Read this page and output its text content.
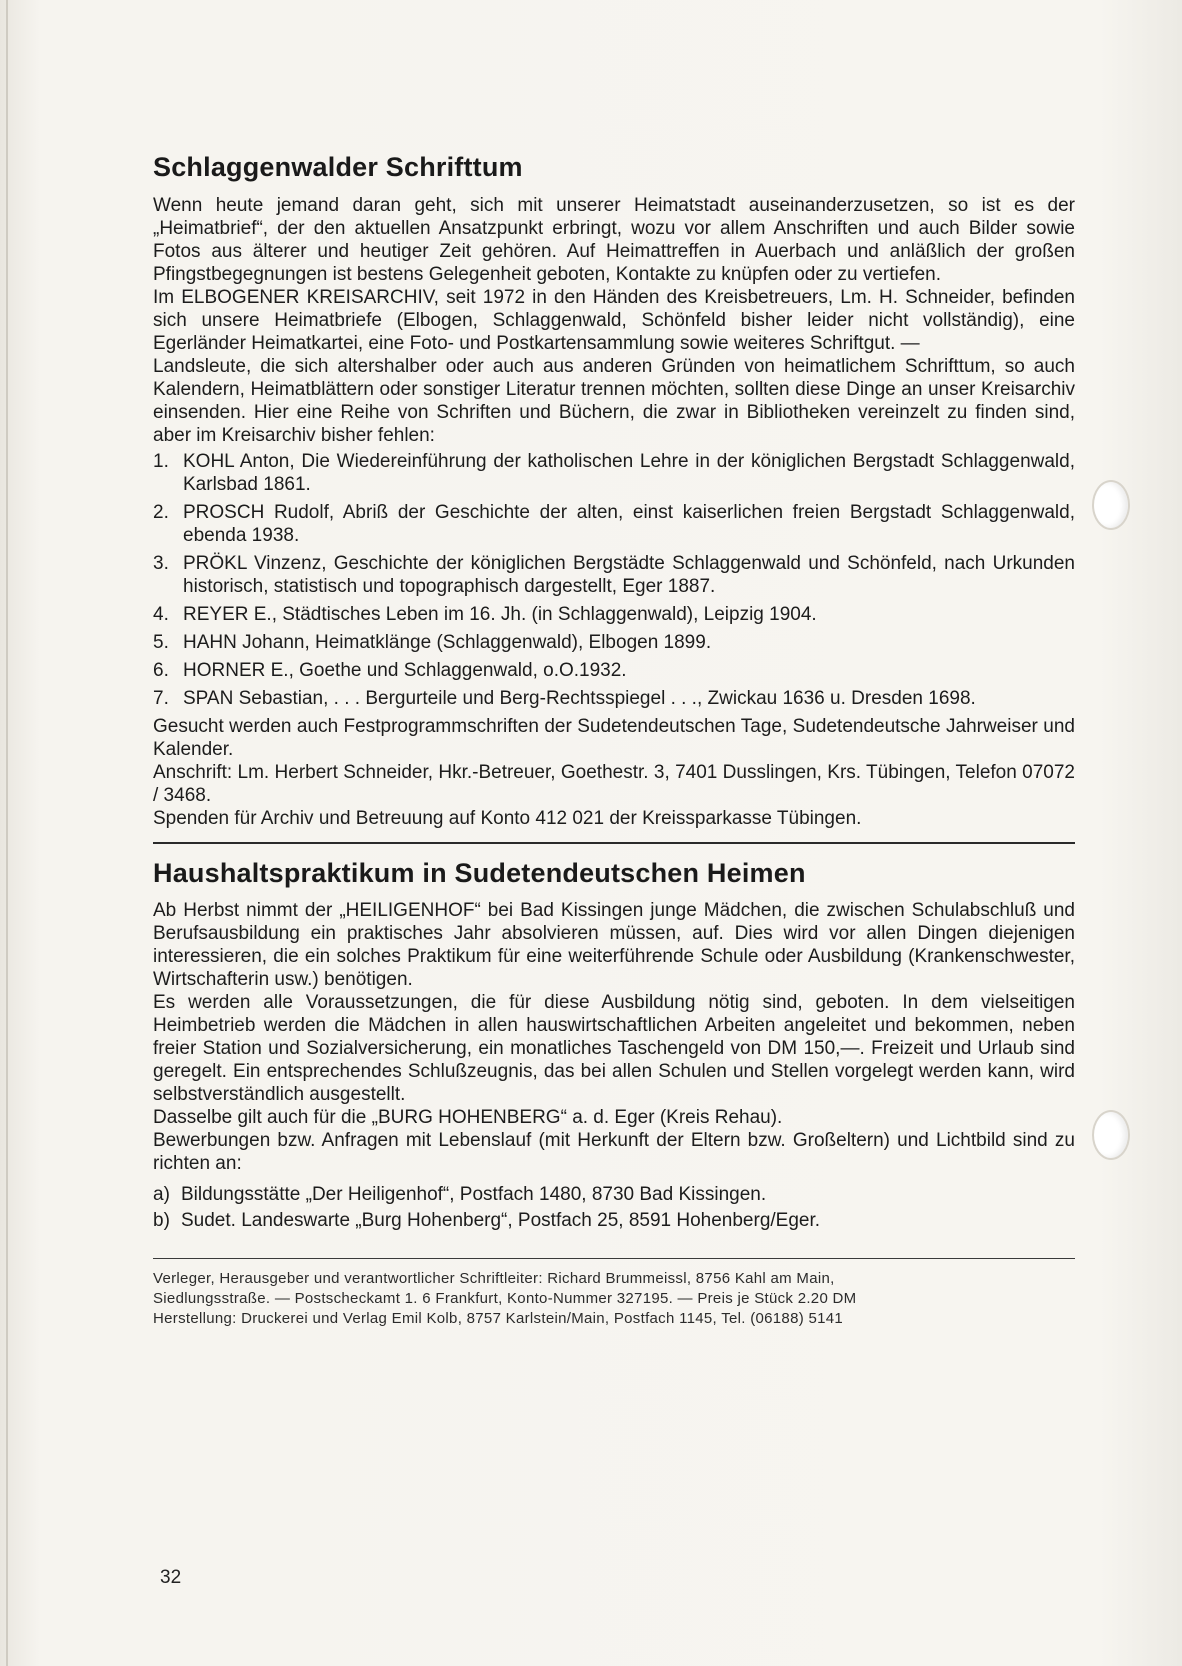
Schlaggenwalder Schrifttum

Wenn heute jemand daran geht, sich mit unserer Heimatstadt auseinanderzusetzen, so ist es der „Heimatbrief“, der den aktuellen Ansatzpunkt erbringt, wozu vor allem Anschriften und auch Bilder sowie Fotos aus älterer und heutiger Zeit gehören. Auf Heimattreffen in Auerbach und anläßlich der großen Pfingstbegegnungen ist bestens Gelegenheit geboten, Kontakte zu knüpfen oder zu vertiefen.

Im ELBOGENER KREISARCHIV, seit 1972 in den Händen des Kreisbetreuers, Lm. H. Schneider, befinden sich unsere Heimatbriefe (Elbogen, Schlaggenwald, Schönfeld bisher leider nicht vollständig), eine Egerländer Heimatkartei, eine Foto- und Postkartensammlung sowie weiteres Schriftgut. —

Landsleute, die sich altershalber oder auch aus anderen Gründen von heimatlichem Schrifttum, so auch Kalendern, Heimatblättern oder sonstiger Literatur trennen möchten, sollten diese Dinge an unser Kreisarchiv einsenden. Hier eine Reihe von Schriften und Büchern, die zwar in Bibliotheken vereinzelt zu finden sind, aber im Kreisarchiv bisher fehlen:

1. KOHL Anton, Die Wiedereinführung der katholischen Lehre in der königlichen Bergstadt Schlaggenwald, Karlsbad 1861.
2. PROSCH Rudolf, Abriß der Geschichte der alten, einst kaiserlichen freien Bergstadt Schlaggenwald, ebenda 1938.
3. PRÖKL Vinzenz, Geschichte der königlichen Bergstädte Schlaggenwald und Schönfeld, nach Urkunden historisch, statistisch und topographisch dargestellt, Eger 1887.
4. REYER E., Städtisches Leben im 16. Jh. (in Schlaggenwald), Leipzig 1904.
5. HAHN Johann, Heimatklänge (Schlaggenwald), Elbogen 1899.
6. HORNER E., Goethe und Schlaggenwald, o.O.1932.
7. SPAN Sebastian, . . . Bergurteile und Berg-Rechtsspiegel . . ., Zwickau 1636 u. Dresden 1698.

Gesucht werden auch Festprogrammschriften der Sudetendeutschen Tage, Sudetendeutsche Jahrweiser und Kalender.

Anschrift: Lm. Herbert Schneider, Hkr.-Betreuer, Goethestr. 3, 7401 Dusslingen, Krs. Tübingen, Telefon 07072 / 3468.

Spenden für Archiv und Betreuung auf Konto 412 021 der Kreissparkasse Tübingen.

Haushaltspraktikum in Sudetendeutschen Heimen

Ab Herbst nimmt der „HEILIGENHOF“ bei Bad Kissingen junge Mädchen, die zwischen Schulabschluß und Berufsausbildung ein praktisches Jahr absolvieren müssen, auf. Dies wird vor allen Dingen diejenigen interessieren, die ein solches Praktikum für eine weiterführende Schule oder Ausbildung (Krankenschwester, Wirtschafterin usw.) benötigen.

Es werden alle Voraussetzungen, die für diese Ausbildung nötig sind, geboten. In dem vielseitigen Heimbetrieb werden die Mädchen in allen hauswirtschaftlichen Arbeiten angeleitet und bekommen, neben freier Station und Sozialversicherung, ein monatliches Taschengeld von DM 150,—. Freizeit und Urlaub sind geregelt. Ein entsprechendes Schlußzeugnis, das bei allen Schulen und Stellen vorgelegt werden kann, wird selbstverständlich ausgestellt.

Dasselbe gilt auch für die „BURG HOHENBERG“ a. d. Eger (Kreis Rehau).

Bewerbungen bzw. Anfragen mit Lebenslauf (mit Herkunft der Eltern bzw. Großeltern) und Lichtbild sind zu richten an:

a) Bildungsstätte „Der Heiligenhof“, Postfach 1480, 8730 Bad Kissingen.
b) Sudet. Landeswarte „Burg Hohenberg“, Postfach 25, 8591 Hohenberg/Eger.
Verleger, Herausgeber und verantwortlicher Schriftleiter: Richard Brummeissl, 8756 Kahl am Main,
Siedlungsstraße. — Postscheckamt 1. 6 Frankfurt, Konto-Nummer 327195. — Preis je Stück 2.20 DM
Herstellung: Druckerei und Verlag Emil Kolb, 8757 Karlstein/Main, Postfach 1145, Tel. (06188) 5141
32
